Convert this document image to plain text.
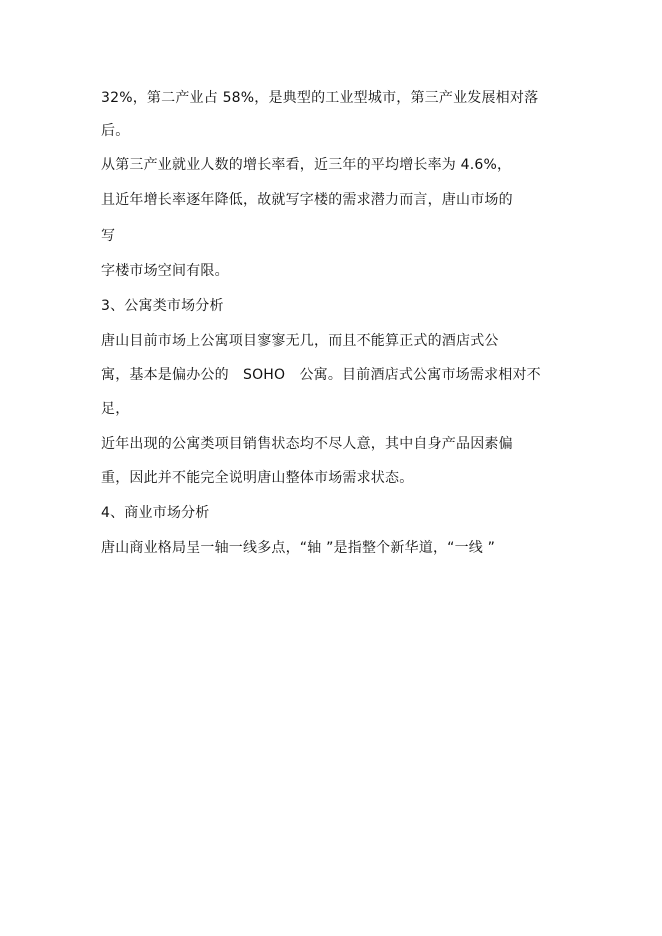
32%，第二产业占 58%，是典型的工业型城市，第三产业发展相对落
后。
从第三产业就业人数的增长率看，近三年的平均增长率为 4.6%，
且近年增长率逐年降低，故就写字楼的需求潜力而言，唐山市场的
写
字楼市场空间有限。
3、公寓类市场分析
唐山目前市场上公寓项目寥寥无几，而且不能算正式的酒店式公
寓，基本是偏办公的　SOHO　公寓。目前酒店式公寓市场需求相对不
足，
近年出现的公寓类项目销售状态均不尽人意，其中自身产品因素偏
重，因此并不能完全说明唐山整体市场需求状态。
4、商业市场分析
唐山商业格局呈一轴一线多点，“轴 ”是指整个新华道，“一线 ”
